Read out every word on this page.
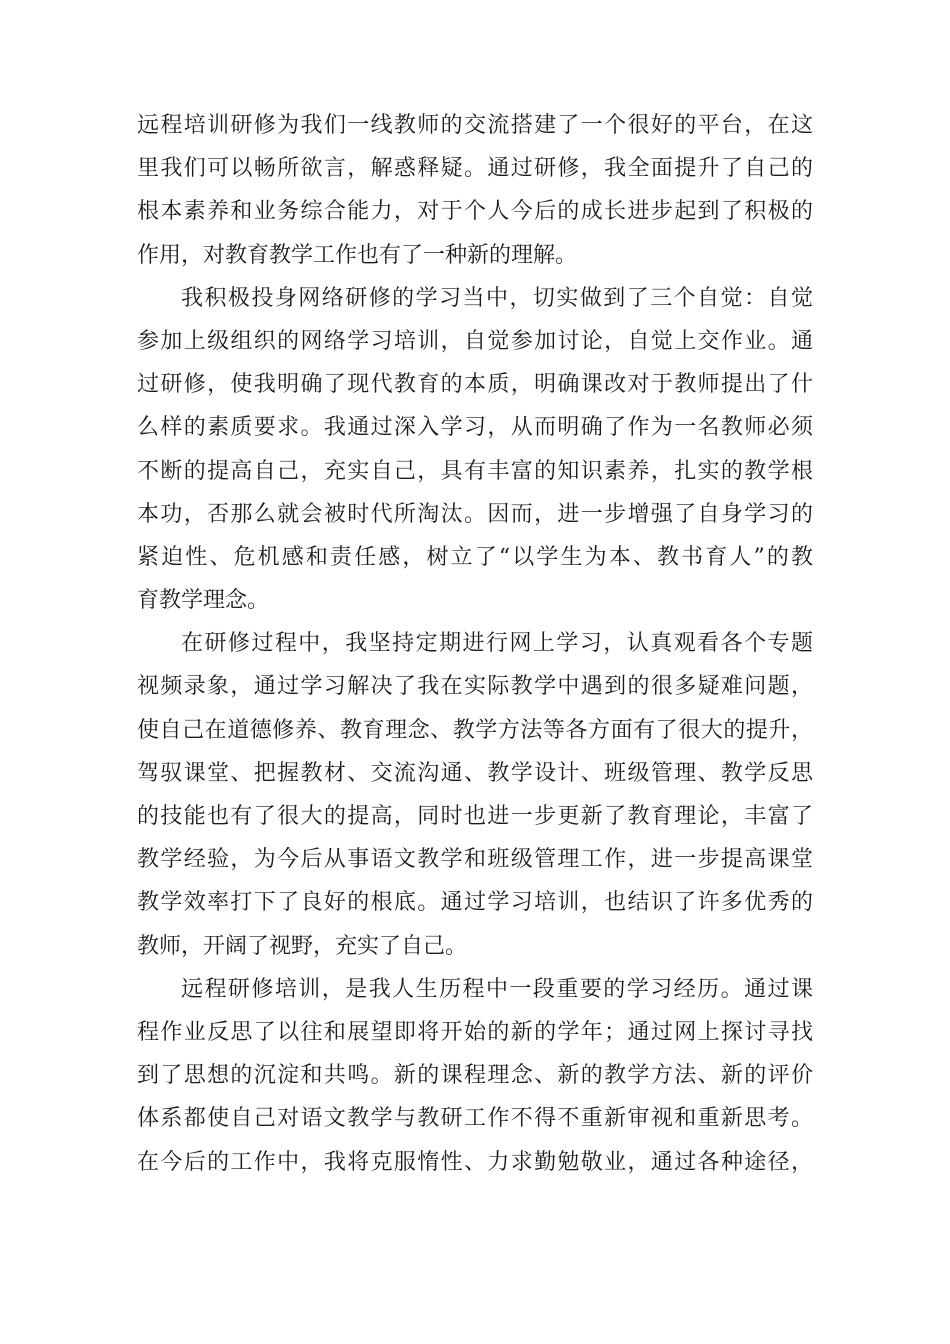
远程培训研修为我们一线教师的交流搭建了一个很好的平台，在这
里我们可以畅所欲言，解惑释疑。通过研修，我全面提升了自己的
根本素养和业务综合能力，对于个人今后的成长进步起到了积极的
作用，对教育教学工作也有了一种新的理解。
我积极投身网络研修的学习当中，切实做到了三个自觉：自觉
参加上级组织的网络学习培训，自觉参加讨论，自觉上交作业。通
过研修，使我明确了现代教育的本质，明确课改对于教师提出了什
么样的素质要求。我通过深入学习，从而明确了作为一名教师必须
不断的提高自己，充实自己，具有丰富的知识素养，扎实的教学根
本功，否那么就会被时代所淘汰。因而，进一步增强了自身学习的
紧迫性、危机感和责任感，树立了“以学生为本、教书育人”的教
育教学理念。
在研修过程中，我坚持定期进行网上学习，认真观看各个专题
视频录象，通过学习解决了我在实际教学中遇到的很多疑难问题，
使自己在道德修养、教育理念、教学方法等各方面有了很大的提升，
驾驭课堂、把握教材、交流沟通、教学设计、班级管理、教学反思
的技能也有了很大的提高，同时也进一步更新了教育理论，丰富了
教学经验，为今后从事语文教学和班级管理工作，进一步提高课堂
教学效率打下了良好的根底。通过学习培训，也结识了许多优秀的
教师，开阔了视野，充实了自己。
远程研修培训，是我人生历程中一段重要的学习经历。通过课
程作业反思了以往和展望即将开始的新的学年；通过网上探讨寻找
到了思想的沉淀和共鸣。新的课程理念、新的教学方法、新的评价
体系都使自己对语文教学与教研工作不得不重新审视和重新思考。
在今后的工作中，我将克服惰性、力求勤勉敬业，通过各种途径，
